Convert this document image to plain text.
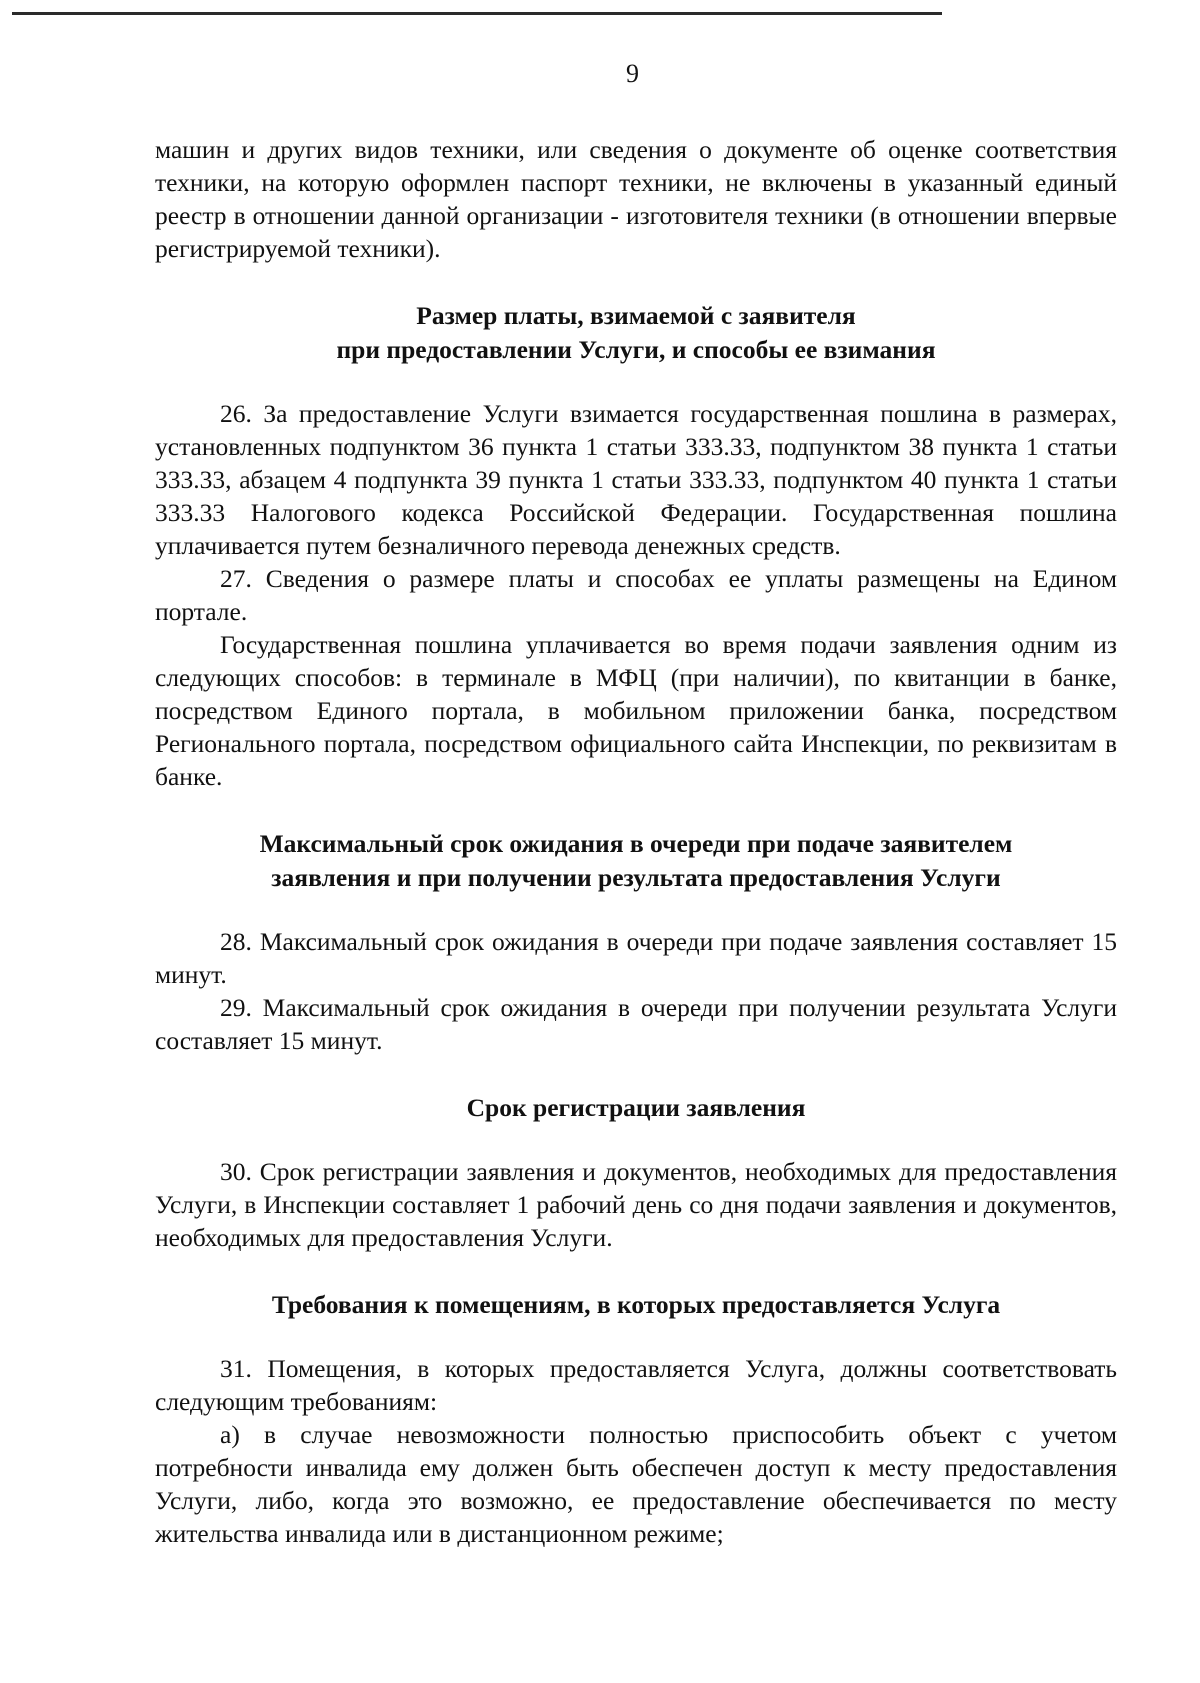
9

машин и других видов техники, или сведения о документе об оценке соответствия техники, на которую оформлен паспорт техники, не включены в указанный единый реестр в отношении данной организации - изготовителя техники (в отношении впервые регистрируемой техники).

Размер платы, взимаемой с заявителя
при предоставлении Услуги, и способы ее взимания

26. За предоставление Услуги взимается государственная пошлина в размерах, установленных подпунктом 36 пункта 1 статьи 333.33, подпунктом 38 пункта 1 статьи 333.33, абзацем 4 подпункта 39 пункта 1 статьи 333.33, подпунктом 40 пункта 1 статьи 333.33 Налогового кодекса Российской Федерации. Государственная пошлина уплачивается путем безналичного перевода денежных средств.

27. Сведения о размере платы и способах ее уплаты размещены на Едином портале.

Государственная пошлина уплачивается во время подачи заявления одним из следующих способов: в терминале в МФЦ (при наличии), по квитанции в банке, посредством Единого портала, в мобильном приложении банка, посредством Регионального портала, посредством официального сайта Инспекции, по реквизитам в банке.

Максимальный срок ожидания в очереди при подаче заявителем
заявления и при получении результата предоставления Услуги

28. Максимальный срок ожидания в очереди при подаче заявления составляет 15 минут.

29. Максимальный срок ожидания в очереди при получении результата Услуги составляет 15 минут.

Срок регистрации заявления

30. Срок регистрации заявления и документов, необходимых для предоставления Услуги, в Инспекции составляет 1 рабочий день со дня подачи заявления и документов, необходимых для предоставления Услуги.

Требования к помещениям, в которых предоставляется Услуга

31. Помещения, в которых предоставляется Услуга, должны соответствовать следующим требованиям:

а) в случае невозможности полностью приспособить объект с учетом потребности инвалида ему должен быть обеспечен доступ к месту предоставления Услуги, либо, когда это возможно, ее предоставление обеспечивается по месту жительства инвалида или в дистанционном режиме;
